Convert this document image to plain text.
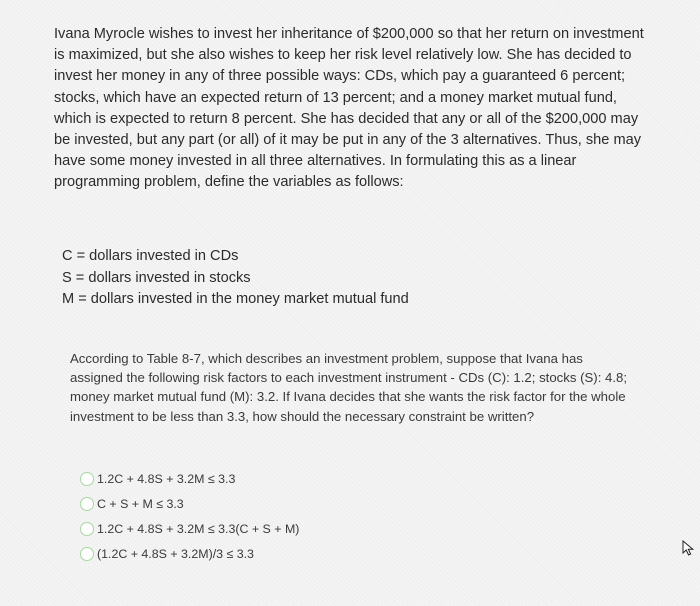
Ivana Myrocle wishes to invest her inheritance of $200,000 so that her return on investment is maximized, but she also wishes to keep her risk level relatively low. She has decided to invest her money in any of three possible ways: CDs, which pay a guaranteed 6 percent; stocks, which have an expected return of 13 percent; and a money market mutual fund, which is expected to return 8 percent. She has decided that any or all of the $200,000 may be invested, but any part (or all) of it may be put in any of the 3 alternatives. Thus, she may have some money invested in all three alternatives. In formulating this as a linear programming problem, define the variables as follows:

C = dollars invested in CDs
S = dollars invested in stocks
M = dollars invested in the money market mutual fund
According to Table 8-7, which describes an investment problem, suppose that Ivana has assigned the following risk factors to each investment instrument - CDs (C): 1.2; stocks (S): 4.8; money market mutual fund (M): 3.2. If Ivana decides that she wants the risk factor for the whole investment to be less than 3.3, how should the necessary constraint be written?
1.2C + 4.8S + 3.2M ≤ 3.3
C + S + M ≤ 3.3
1.2C + 4.8S + 3.2M ≤ 3.3(C + S + M)
(1.2C + 4.8S + 3.2M)/3 ≤ 3.3
